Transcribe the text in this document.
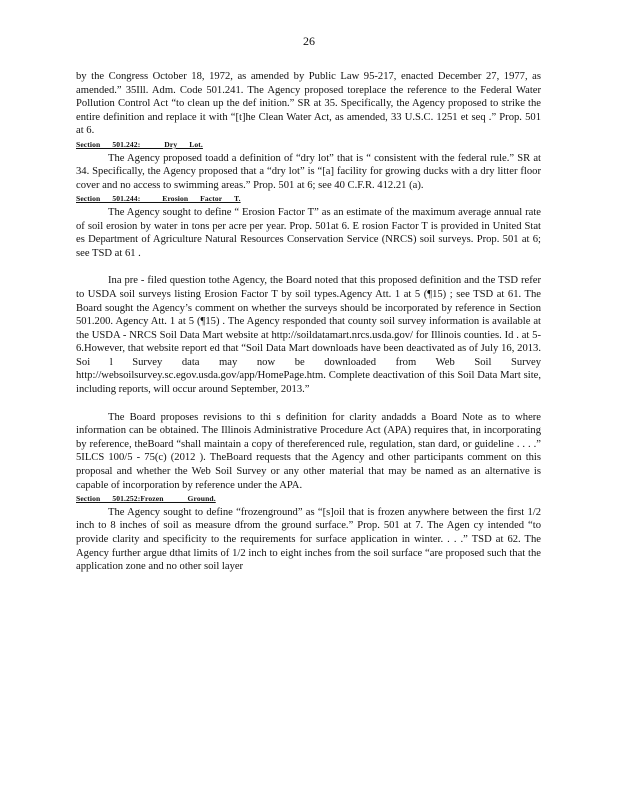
26

by the Congress October 18, 1972, as amended by Public Law 95-217, enacted December 27, 1977, as amended.” 35Ill. Adm. Code 501.241. The Agency proposed toreplace the reference to the Federal Water Pollution Control Act “to clean up the def inition.” SR at 35. Specifically, the Agency proposed to strike the entire definition and replace it with “[t]he Clean Water Act, as amended, 33 U.S.C. 1251 et seq .” Prop. 501 at 6.

Section      501.242:            Dry      Lot.

The Agency proposed toadd a definition of “dry lot” that is “ consistent with the federal rule.” SR at 34. Specifically, the Agency proposed that a “dry lot” is “[a] facility for growing ducks with a dry litter floor cover and no access to swimming areas.” Prop. 501 at 6; see 40 C.F.R. 412.21 (a).

Section      501.244:           Erosion      Factor      T.

The Agency sought to define “ Erosion Factor T” as an estimate of the maximum average annual rate of soil erosion by water in tons per acre per year. Prop. 501at 6. E rosion Factor T is provided in United Stat es Department of Agriculture Natural Resources Conservation Service (NRCS) soil surveys. Prop. 501 at 6; see TSD at 61 .

Ina pre - filed question tothe Agency, the Board noted that this proposed definition and the TSD refer to USDA soil surveys listing Erosion Factor T by soil types.Agency Att. 1 at 5 (¶15) ; see TSD at 61. The Board sought the Agency’s comment on whether the surveys should be incorporated by reference in Section 501.200. Agency Att. 1 at 5 (¶15) . The Agency responded that county soil survey information is available at the USDA - NRCS Soil Data Mart website at http://soildatamart.nrcs.usda.gov/ for Illinois counties. Id . at 5-6.However, that website report ed that “Soil Data Mart downloads have been deactivated as of July 16, 2013. Soi l Survey data may now be downloaded from Web Soil Survey http://websoilsurvey.sc.egov.usda.gov/app/HomePage.htm. Complete deactivation of this Soil Data Mart site, including reports, will occur around September, 2013.”

The Board proposes revisions to thi s definition for clarity andadds a Board Note as to where information can be obtained. The Illinois Administrative Procedure Act (APA) requires that, in incorporating by reference, theBoard “shall maintain a copy of thereferenced rule, regulation, stan dard, or guideline . . . .” 5ILCS 100/5 - 75(c) (2012 ). TheBoard requests that the Agency and other participants comment on this proposal and whether the Web Soil Survey or any other material that may be named as an alternative is capable of incorporation by reference under the APA.

Section      501.252:Frozen            Ground.

The Agency sought to define “frozenground” as “[s]oil that is frozen anywhere between the first 1/2 inch to 8 inches of soil as measure dfrom the ground surface.” Prop. 501 at 7. The Agen cy intended “to provide clarity and specificity to the requirements for surface application in winter. . . .” TSD at 62. The Agency further argue dthat limits of 1/2 inch to eight inches from the soil surface “are proposed such that the application zone and no other soil layer
